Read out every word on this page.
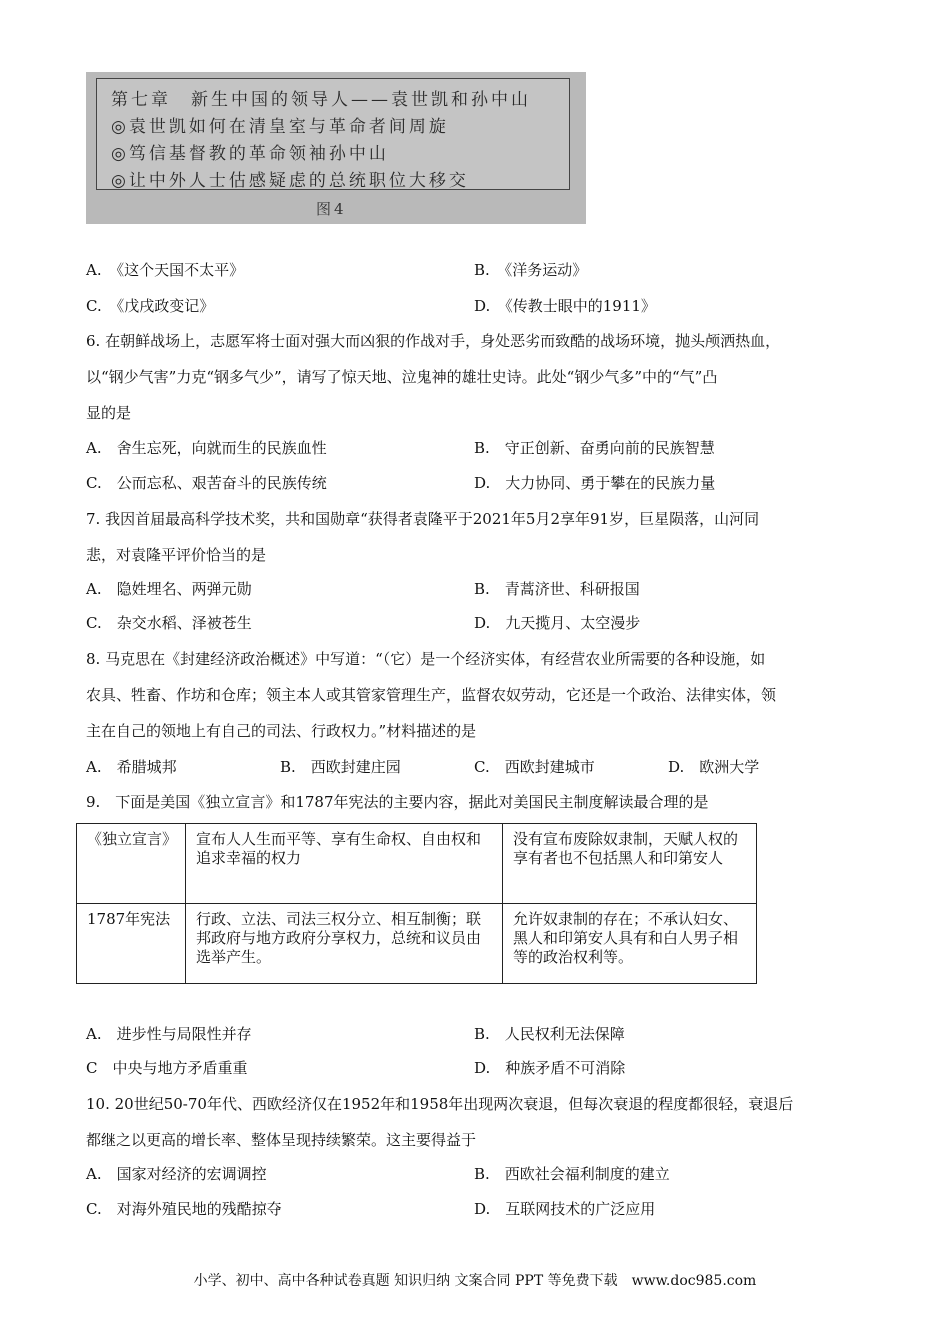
第七章　新生中国的领导人——袁世凯和孙中山
◎袁世凯如何在清皇室与革命者间周旋
◎笃信基督教的革命领袖孙中山
◎让中外人士估感疑虑的总统职位大移交
图4
A.　《这个天国不太平》	B.　《洋务运动》
C.　《戊戌政变记》	D.　《传教士眼中的1911》
6. 在朝鲜战场上，志愿军将士面对强大而凶狠的作战对手，身处恶劣而致酷的战场环境，抛头颅洒热血，
以“钢少气害”力克“钢多气少”，请写了惊天地、泣鬼神的雄壮史诗。此处“钢少气多”中的“气”凸
显的是
A.　舍生忘死，向就而生的民族血性	B.　守正创新、奋勇向前的民族智慧
C.　公而忘私、艰苦奋斗的民族传统	D.　大力协同、勇于攀在的民族力量
7. 我因首届最高科学技术奖，共和国勋章“获得者袁隆平于2021年5月2享年91岁，巨星陨落，山河同
悲，对袁隆平评价恰当的是
A.　隐姓埋名、两弹元勋	B.　青蒿济世、科研报国
C.　杂交水稻、泽被苍生	D.　九天揽月、太空漫步
8. 马克思在《封建经济政治概述》中写道：“（它）是一个经济实体，有经营农业所需要的各种设施，如
农具、牲畜、作坊和仓库；领主本人或其管家管理生产，监督农奴劳动，它还是一个政治、法律实体，领
主在自己的领地上有自己的司法、行政权力。”材料描述的是
A.　希腊城邦	B.　西欧封建庄园	C.　西欧封建城市	D.　欧洲大学
9.　下面是美国《独立宣言》和1787年宪法的主要内容，据此对美国民主制度解读最合理的是
《独立宣言》	宣布人人生而平等、享有生命权、自由权和追求幸福的权力	没有宣布废除奴隶制，天赋人权的享有者也不包括黑人和印第安人
1787年宪法	行政、立法、司法三权分立、相互制衡；联邦政府与地方政府分享权力，总统和议员由选举产生。	允许奴隶制的存在；不承认妇女、黑人和印第安人具有和白人男子相等的政治权利等。
A.　进步性与局限性并存	B.　人民权利无法保障
C　中央与地方矛盾重重	D.　种族矛盾不可消除
10. 20世纪50-70年代、西欧经济仅在1952年和1958年出现两次衰退，但每次衰退的程度都很轻，衰退后
都继之以更高的增长率、整体呈现持续繁荣。这主要得益于
A.　国家对经济的宏调调控	B.　西欧社会福利制度的建立
C.　对海外殖民地的残酷掠夺	D.　互联网技术的广泛应用
小学、初中、高中各种试卷真题 知识归纳 文案合同 PPT 等免费下载　www.doc985.com
